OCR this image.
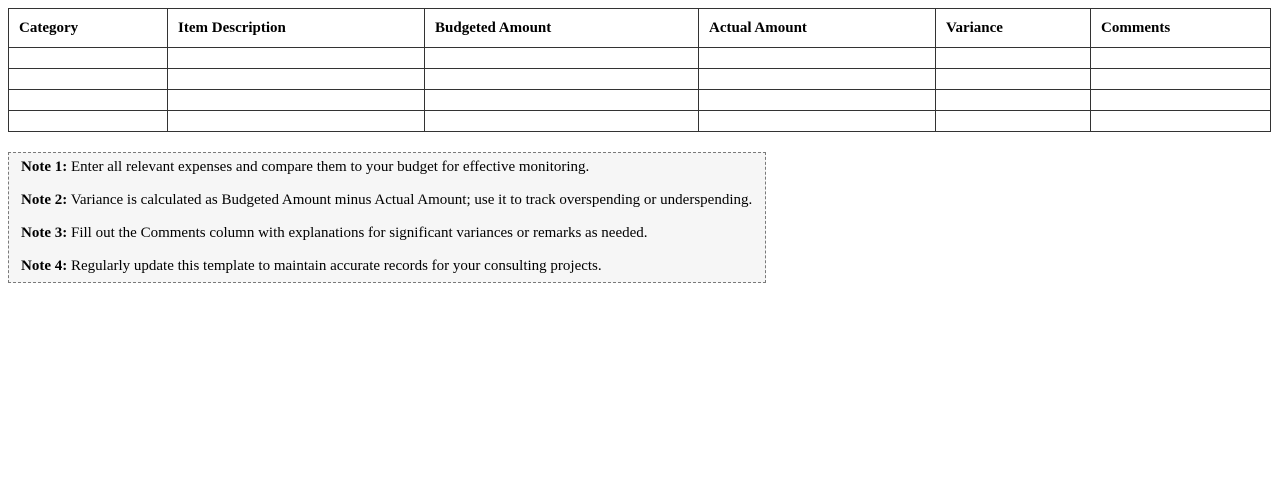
Category	Item Description	Budgeted Amount	Actual Amount	Variance	Comments

Note 1: Enter all relevant expenses and compare them to your budget for effective monitoring.

Note 2: Variance is calculated as Budgeted Amount minus Actual Amount; use it to track overspending or underspending.

Note 3: Fill out the Comments column with explanations for significant variances or remarks as needed.

Note 4: Regularly update this template to maintain accurate records for your consulting projects.
